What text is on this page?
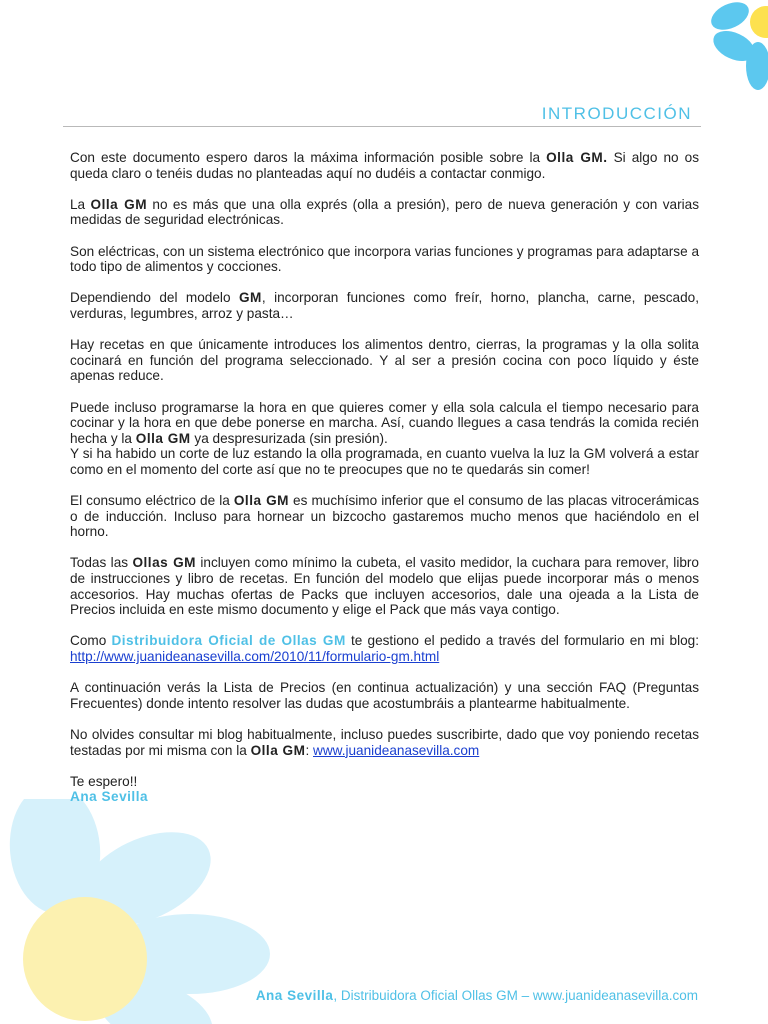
INTRODUCCIÓN

Con este documento espero daros la máxima información posible sobre la Olla GM. Si algo no os queda claro o tenéis dudas no planteadas aquí no dudéis a contactar conmigo.

La Olla GM no es más que una olla exprés (olla a presión), pero de nueva generación y con varias medidas de seguridad electrónicas.

Son eléctricas, con un sistema electrónico que incorpora varias funciones y programas para adaptarse a todo tipo de alimentos y cocciones.

Dependiendo del modelo GM, incorporan funciones como freír, horno, plancha, carne, pescado, verduras, legumbres, arroz y pasta…

Hay recetas en que únicamente introduces los alimentos dentro, cierras, la programas y la olla solita cocinará en función del programa seleccionado. Y al ser a presión cocina con poco líquido y éste apenas reduce.

Puede incluso programarse la hora en que quieres comer y ella sola calcula el tiempo necesario para cocinar y la hora en que debe ponerse en marcha. Así, cuando llegues a casa tendrás la comida recién hecha y la Olla GM ya despresurizada (sin presión).

Y si ha habido un corte de luz estando la olla programada, en cuanto vuelva la luz la GM volverá a estar como en el momento del corte así que no te preocupes que no te quedarás sin comer!

El consumo eléctrico de la Olla GM es muchísimo inferior que el consumo de las placas vitrocerámicas o de inducción. Incluso para hornear un bizcocho gastaremos mucho menos que haciéndolo en el horno.

Todas las Ollas GM incluyen como mínimo la cubeta, el vasito medidor, la cuchara para remover, libro de instrucciones y libro de recetas. En función del modelo que elijas puede incorporar más o menos accesorios. Hay muchas ofertas de Packs que incluyen accesorios, dale una ojeada a la Lista de Precios incluida en este mismo documento y elige el Pack que más vaya contigo.

Como Distribuidora Oficial de Ollas GM te gestiono el pedido a través del formulario en mi blog: http://www.juanideanasevilla.com/2010/11/formulario-gm.html

A continuación verás la Lista de Precios (en continua actualización) y una sección FAQ (Preguntas Frecuentes) donde intento resolver las dudas que acostumbráis a plantearme habitualmente.

No olvides consultar mi blog habitualmente, incluso puedes suscribirte, dado que voy poniendo recetas testadas por mi misma con la Olla GM: www.juanideanasevilla.com

Te espero!!
Ana Sevilla
Ana Sevilla, Distribuidora Oficial Ollas GM – www.juanideanasevilla.com
